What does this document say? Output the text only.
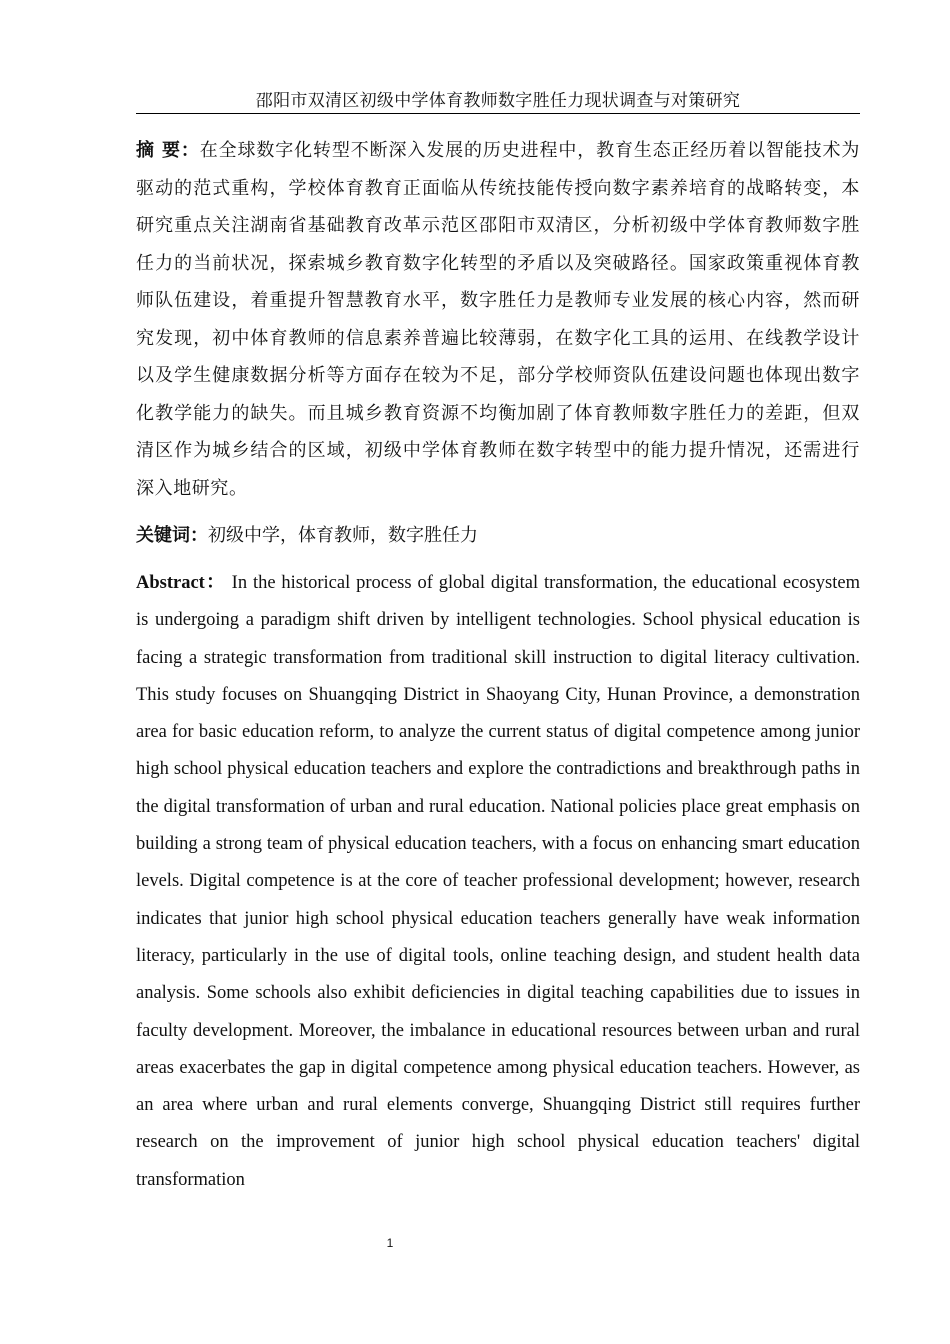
邵阳市双清区初级中学体育教师数字胜任力现状调查与对策研究
摘 要：在全球数字化转型不断深入发展的历史进程中，教育生态正经历着以智能技术为驱动的范式重构，学校体育教育正面临从传统技能传授向数字素养培育的战略转变，本研究重点关注湖南省基础教育改革示范区邵阳市双清区，分析初级中学体育教师数字胜任力的当前状况，探索城乡教育数字化转型的矛盾以及突破路径。国家政策重视体育教师队伍建设，着重提升智慧教育水平，数字胜任力是教师专业发展的核心内容，然而研究发现，初中体育教师的信息素养普遍比较薄弱，在数字化工具的运用、在线教学设计以及学生健康数据分析等方面存在较为不足，部分学校师资队伍建设问题也体现出数字化教学能力的缺失。而且城乡教育资源不均衡加剧了体育教师数字胜任力的差距，但双清区作为城乡结合的区域，初级中学体育教师在数字转型中的能力提升情况，还需进行深入地研究。
关键词：初级中学，体育教师，数字胜任力
Abstract： In the historical process of global digital transformation, the educational ecosystem is undergoing a paradigm shift driven by intelligent technologies. School physical education is facing a strategic transformation from traditional skill instruction to digital literacy cultivation. This study focuses on Shuangqing District in Shaoyang City, Hunan Province, a demonstration area for basic education reform, to analyze the current status of digital competence among junior high school physical education teachers and explore the contradictions and breakthrough paths in the digital transformation of urban and rural education. National policies place great emphasis on building a strong team of physical education teachers, with a focus on enhancing smart education levels. Digital competence is at the core of teacher professional development; however, research indicates that junior high school physical education teachers generally have weak information literacy, particularly in the use of digital tools, online teaching design, and student health data analysis. Some schools also exhibit deficiencies in digital teaching capabilities due to issues in faculty development. Moreover, the imbalance in educational resources between urban and rural areas exacerbates the gap in digital competence among physical education teachers. However, as an area where urban and rural elements converge, Shuangqing District still requires further research on the improvement of junior high school physical education teachers' digital transformation
1
